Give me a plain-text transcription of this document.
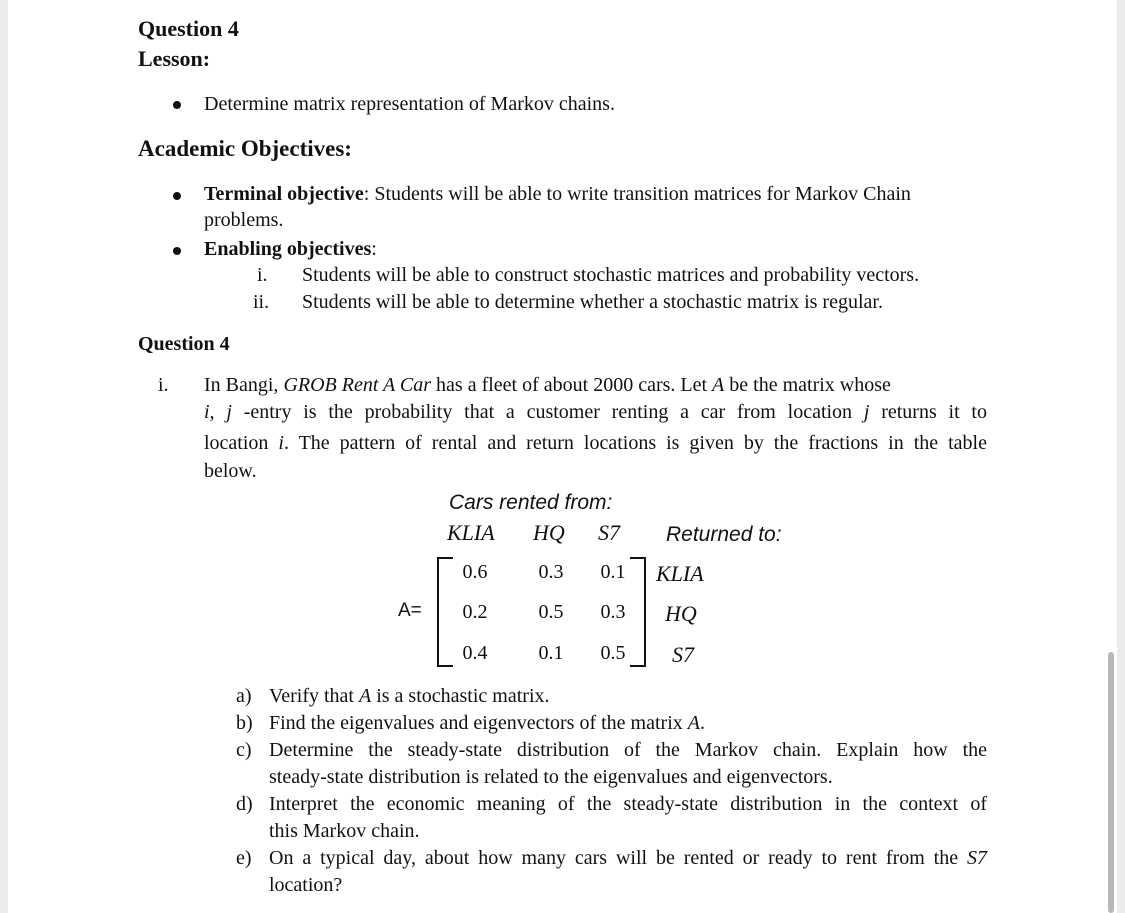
Question 4
Lesson:
Determine matrix representation of Markov chains.
Academic Objectives:
Terminal objective: Students will be able to write transition matrices for Markov Chain
problems.
Enabling objectives:
i. Students will be able to construct stochastic matrices and probability vectors.
ii. Students will be able to determine whether a stochastic matrix is regular.
Question 4
i. In Bangi, GROB Rent A Car has a fleet of about 2000 cars. Let A be the matrix whose
i, j -entry is the probability that a customer renting a car from location j returns it to
location i. The pattern of rental and return locations is given by the fractions in the table
below.
Cars rented from:
KLIA HQ S7 Returned to:
A=
0.6	0.3	0.1
0.2	0.5	0.3
0.4	0.1	0.5
KLIA
HQ
S7
a) Verify that A is a stochastic matrix.
b) Find the eigenvalues and eigenvectors of the matrix A.
c) Determine the steady-state distribution of the Markov chain. Explain how the
steady-state distribution is related to the eigenvalues and eigenvectors.
d) Interpret the economic meaning of the steady-state distribution in the context of
this Markov chain.
e) On a typical day, about how many cars will be rented or ready to rent from the S7
location?
